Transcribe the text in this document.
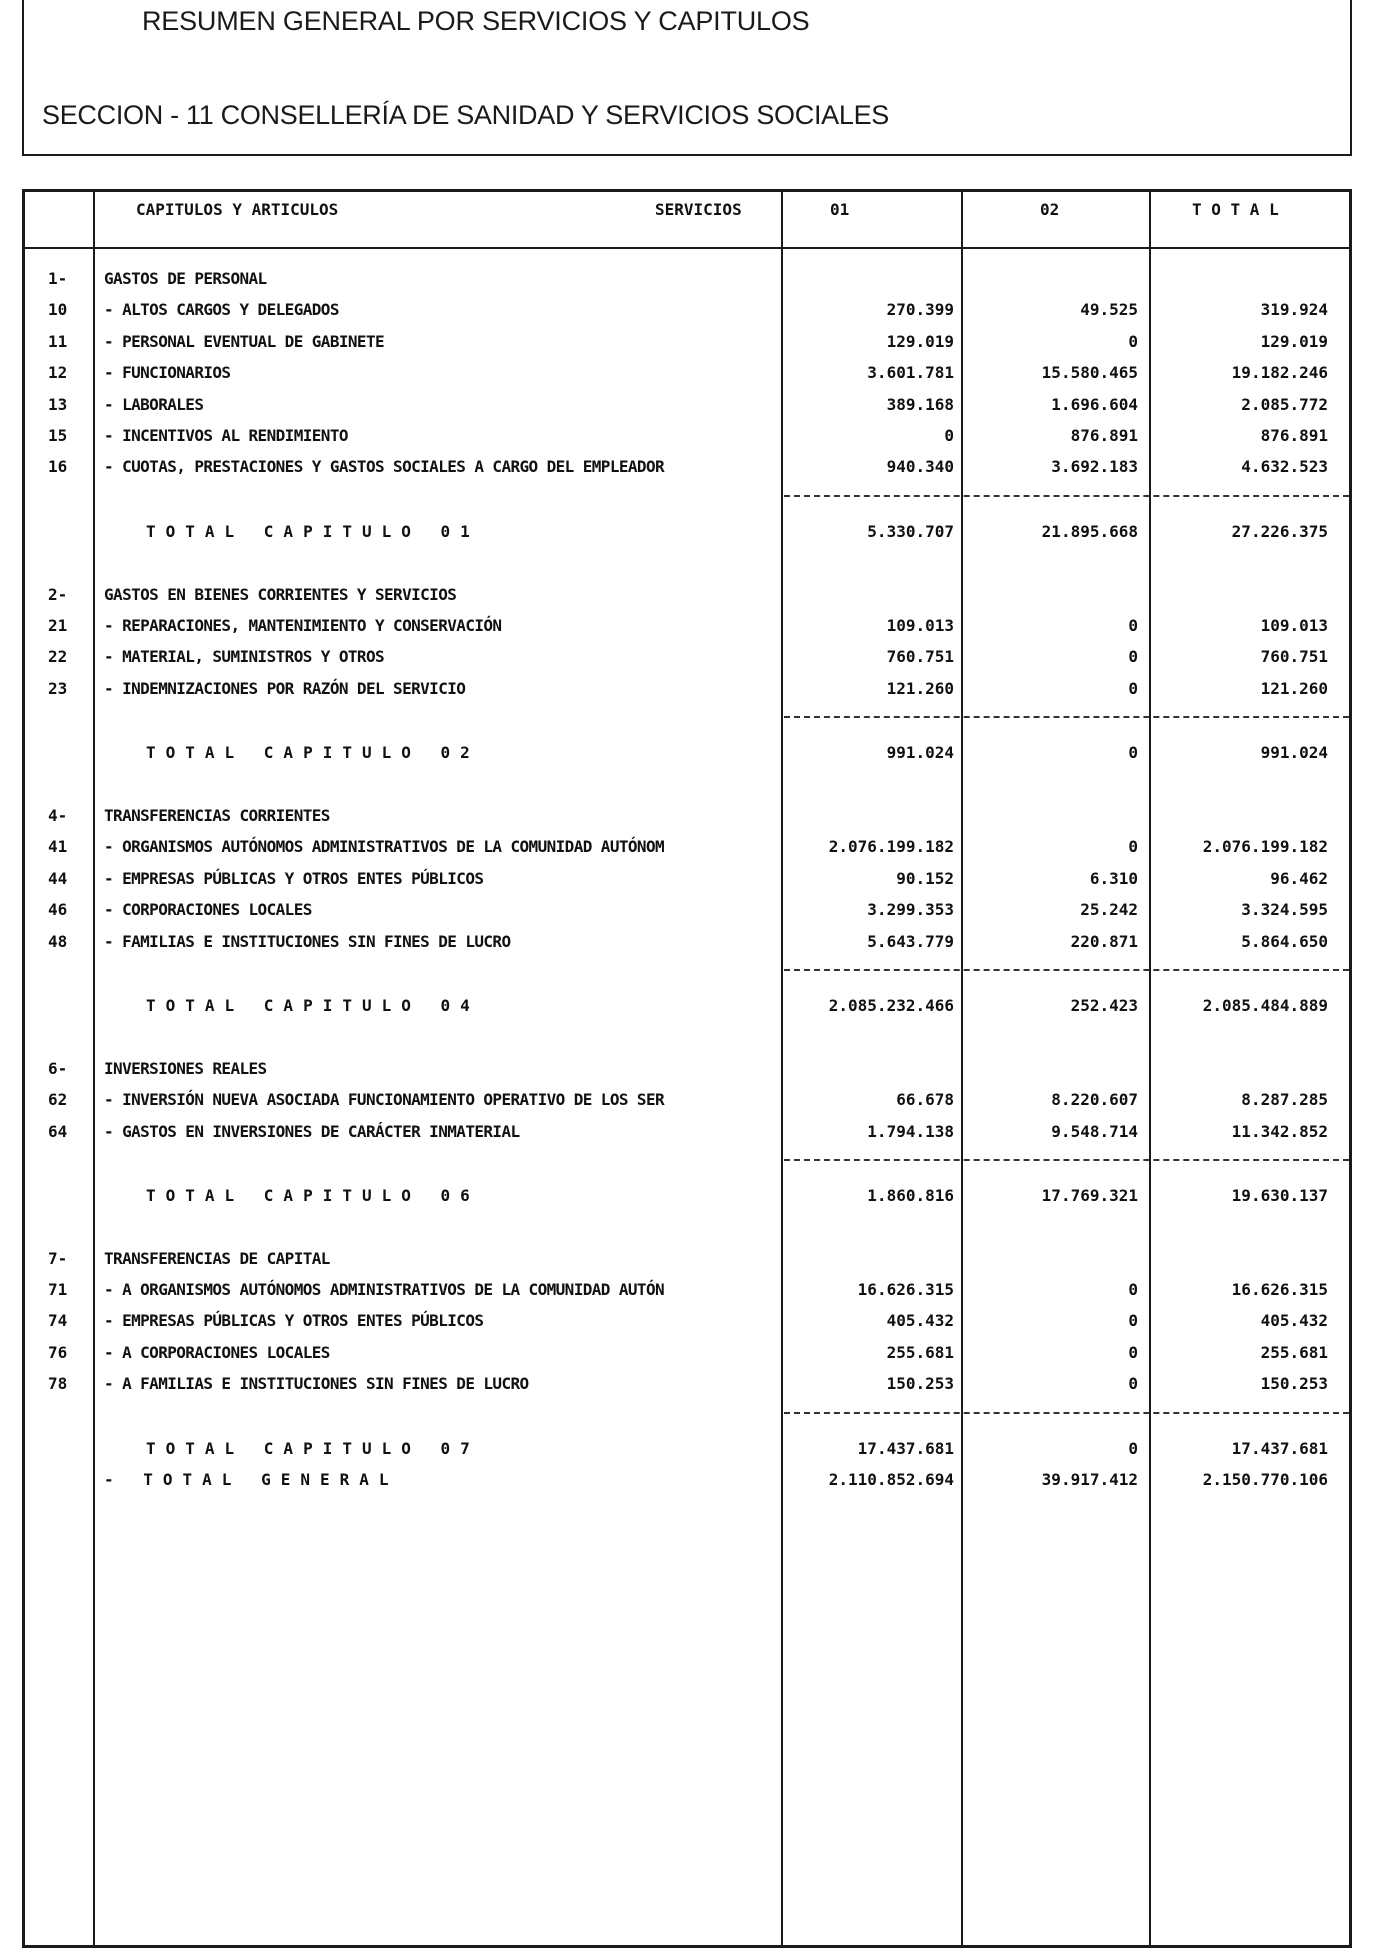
RESUMEN GENERAL POR SERVICIOS Y CAPITULOS
SECCION - 11 CONSELLERÍA DE SANIDAD Y SERVICIOS SOCIALES
CAPITULOS Y ARTICULOS	SERVICIOS	01	02	T O T A L
1- GASTOS DE PERSONAL
10 - ALTOS CARGOS Y DELEGADOS	270.399	49.525	319.924
11 - PERSONAL EVENTUAL DE GABINETE	129.019	0	129.019
12 - FUNCIONARIOS	3.601.781	15.580.465	19.182.246
13 - LABORALES	389.168	1.696.604	2.085.772
15 - INCENTIVOS AL RENDIMIENTO	0	876.891	876.891
16 - CUOTAS, PRESTACIONES Y GASTOS SOCIALES A CARGO DEL EMPLEADOR	940.340	3.692.183	4.632.523
TOTAL CAPITULO 01	5.330.707	21.895.668	27.226.375
2- GASTOS EN BIENES CORRIENTES Y SERVICIOS
21 - REPARACIONES, MANTENIMIENTO Y CONSERVACIÓN	109.013	0	109.013
22 - MATERIAL, SUMINISTROS Y OTROS	760.751	0	760.751
23 - INDEMNIZACIONES POR RAZÓN DEL SERVICIO	121.260	0	121.260
TOTAL CAPITULO 02	991.024	0	991.024
4- TRANSFERENCIAS CORRIENTES
41 - ORGANISMOS AUTÓNOMOS ADMINISTRATIVOS DE LA COMUNIDAD AUTÓNOM	2.076.199.182	0	2.076.199.182
44 - EMPRESAS PÚBLICAS Y OTROS ENTES PÚBLICOS	90.152	6.310	96.462
46 - CORPORACIONES LOCALES	3.299.353	25.242	3.324.595
48 - FAMILIAS E INSTITUCIONES SIN FINES DE LUCRO	5.643.779	220.871	5.864.650
TOTAL CAPITULO 04	2.085.232.466	252.423	2.085.484.889
6- INVERSIONES REALES
62 - INVERSIÓN NUEVA ASOCIADA FUNCIONAMIENTO OPERATIVO DE LOS SER	66.678	8.220.607	8.287.285
64 - GASTOS EN INVERSIONES DE CARÁCTER INMATERIAL	1.794.138	9.548.714	11.342.852
TOTAL CAPITULO 06	1.860.816	17.769.321	19.630.137
7- TRANSFERENCIAS DE CAPITAL
71 - A ORGANISMOS AUTÓNOMOS ADMINISTRATIVOS DE LA COMUNIDAD AUTÓN	16.626.315	0	16.626.315
74 - EMPRESAS PÚBLICAS Y OTROS ENTES PÚBLICOS	405.432	0	405.432
76 - A CORPORACIONES LOCALES	255.681	0	255.681
78 - A FAMILIAS E INSTITUCIONES SIN FINES DE LUCRO	150.253	0	150.253
TOTAL CAPITULO 07	17.437.681	0	17.437.681
- TOTAL GENERAL	2.110.852.694	39.917.412	2.150.770.106
